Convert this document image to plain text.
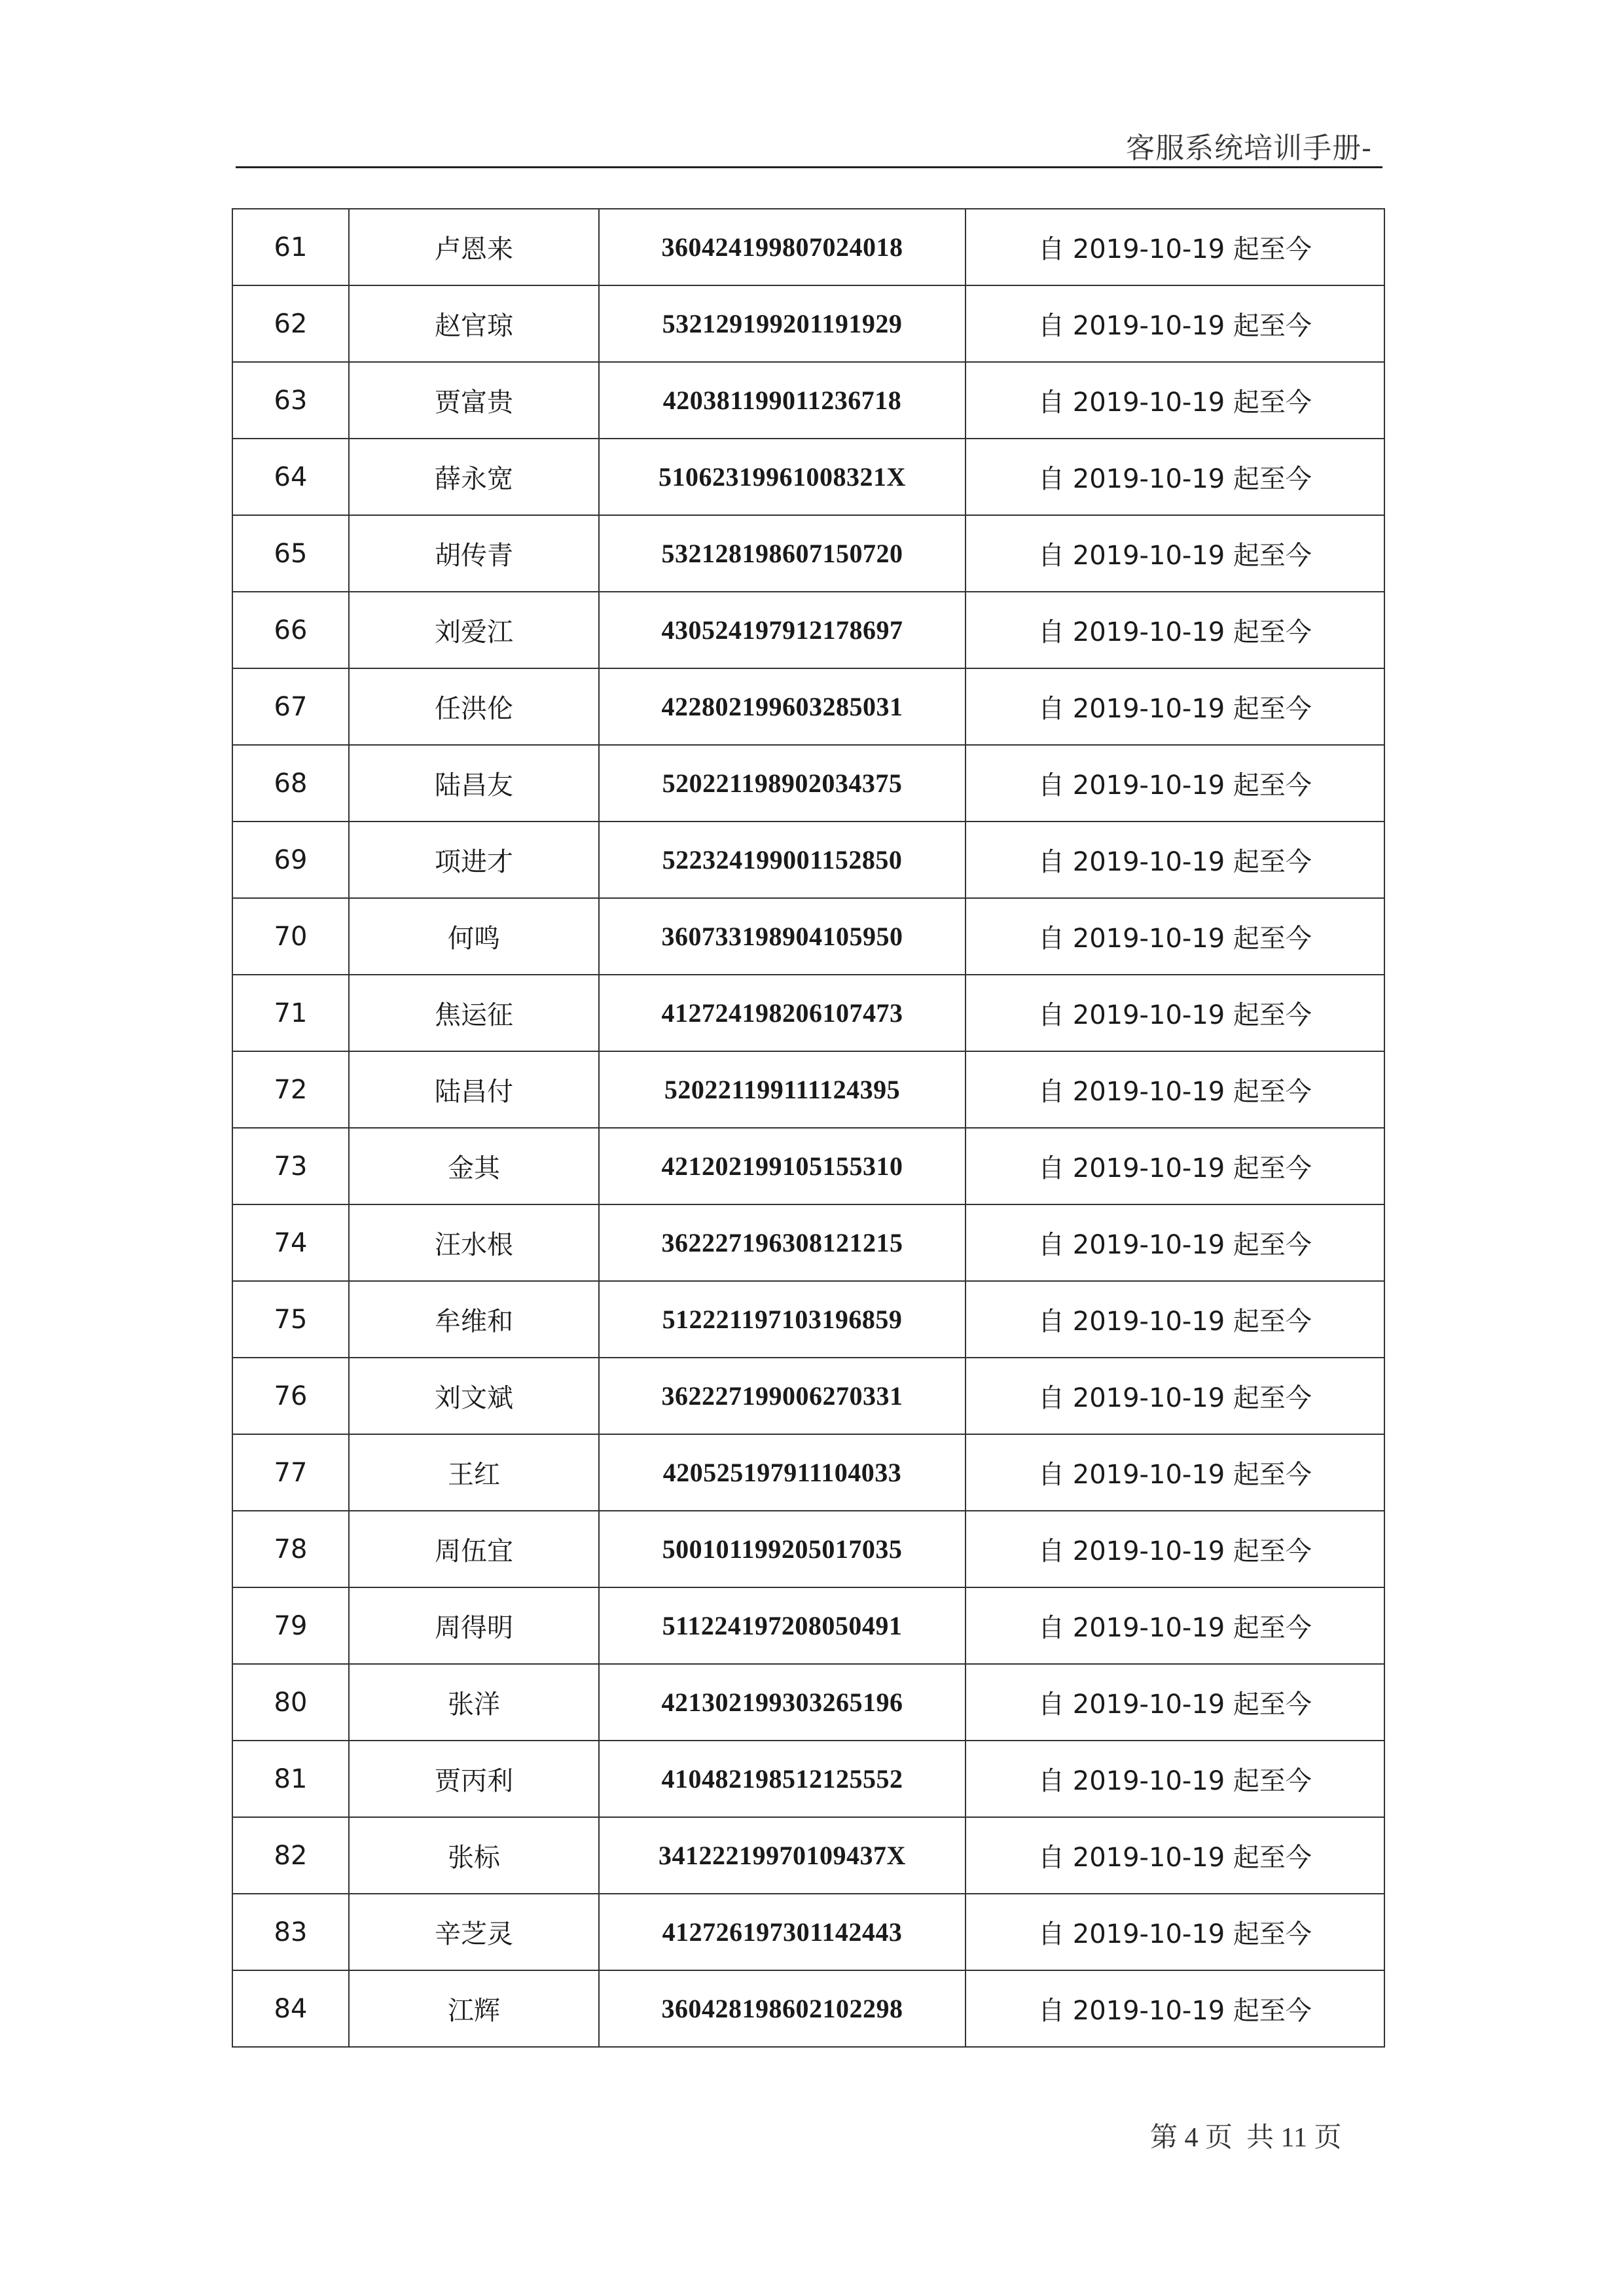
客服系统培训手册-
61	卢恩来	360424199807024018	自 2019-10-19 起至今
62	赵官琼	532129199201191929	自 2019-10-19 起至今
63	贾富贵	420381199011236718	自 2019-10-19 起至今
64	薛永宽	51062319961008321X	自 2019-10-19 起至今
65	胡传青	532128198607150720	自 2019-10-19 起至今
66	刘爱江	430524197912178697	自 2019-10-19 起至今
67	任洪伦	422802199603285031	自 2019-10-19 起至今
68	陆昌友	520221198902034375	自 2019-10-19 起至今
69	项进才	522324199001152850	自 2019-10-19 起至今
70	何鸣	360733198904105950	自 2019-10-19 起至今
71	焦运征	412724198206107473	自 2019-10-19 起至今
72	陆昌付	520221199111124395	自 2019-10-19 起至今
73	金其	421202199105155310	自 2019-10-19 起至今
74	汪水根	362227196308121215	自 2019-10-19 起至今
75	牟维和	512221197103196859	自 2019-10-19 起至今
76	刘文斌	362227199006270331	自 2019-10-19 起至今
77	王红	420525197911104033	自 2019-10-19 起至今
78	周伍宜	500101199205017035	自 2019-10-19 起至今
79	周得明	511224197208050491	自 2019-10-19 起至今
80	张洋	421302199303265196	自 2019-10-19 起至今
81	贾丙利	410482198512125552	自 2019-10-19 起至今
82	张标	34122219970109437X	自 2019-10-19 起至今
83	辛芝灵	412726197301142443	自 2019-10-19 起至今
84	江辉	360428198602102298	自 2019-10-19 起至今
第 4 页  共 11 页
